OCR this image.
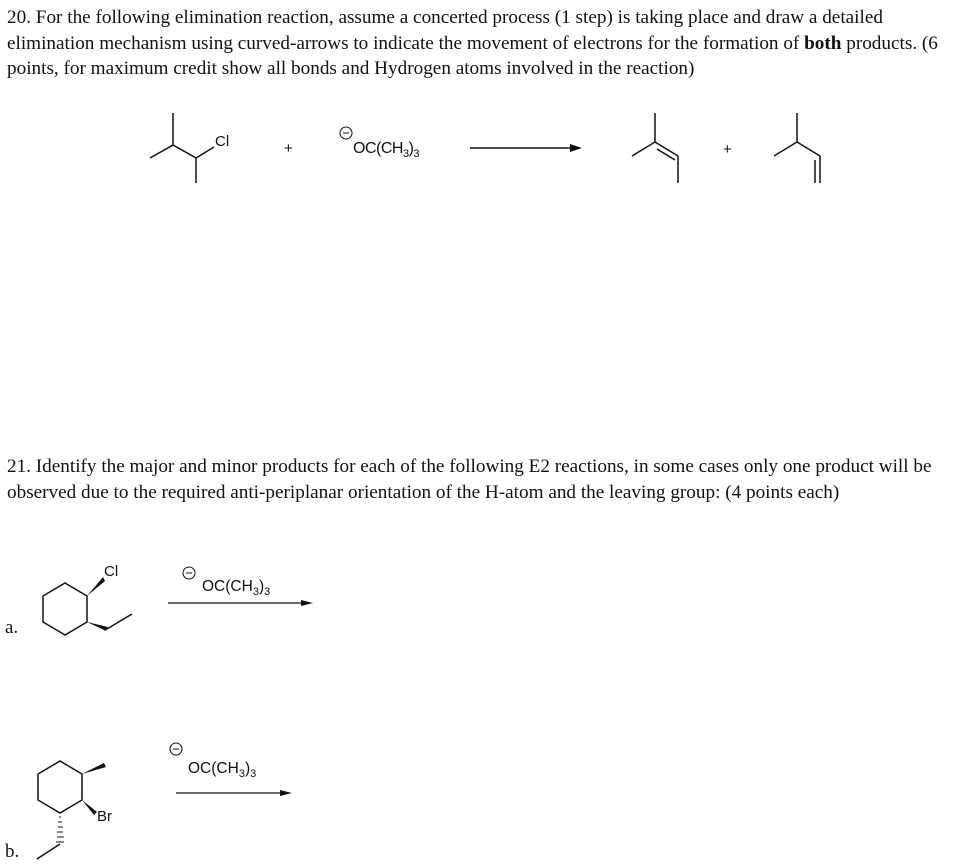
20. For the following elimination reaction, assume a concerted process (1 step) is taking place and draw a detailed elimination mechanism using curved-arrows to indicate the movement of electrons for the formation of both products. (6 points, for maximum credit show all bonds and Hydrogen atoms involved in the reaction)
Cl	+	$OC(CH_3)_3$	+
21. Identify the major and minor products for each of the following E2 reactions, in some cases only one product will be observed due to the required anti-periplanar orientation of the H-atom and the leaving group: (4 points each)
Cl
$OC(CH_3)_3$
a.
Br
$OC(CH_3)_3$
b.
